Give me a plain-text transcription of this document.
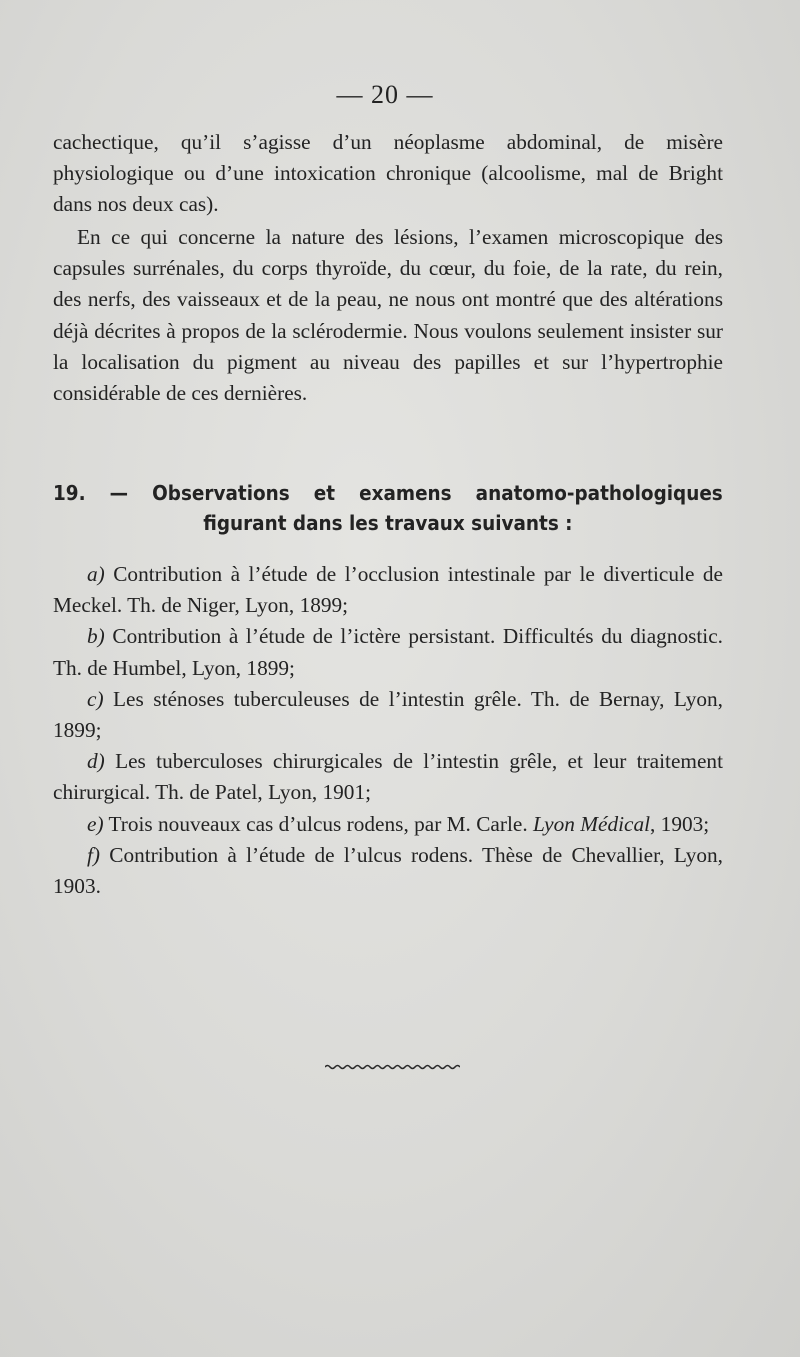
— 20 —

cachectique, qu’il s’agisse d’un néoplasme abdominal, de misère physiologique ou d’une intoxication chronique (alcoolisme, mal de Bright dans nos deux cas).

En ce qui concerne la nature des lésions, l’examen microscopique des capsules surrénales, du corps thyroïde, du cœur, du foie, de la rate, du rein, des nerfs, des vaisseaux et de la peau, ne nous ont montré que des altérations déjà décrites à propos de la sclérodermie. Nous voulons seulement insister sur la localisation du pigment au niveau des papilles et sur l’hypertrophie considérable de ces dernières.

19. — Observations et examens anatomo-pathologiques figurant dans les travaux suivants :

a) Contribution à l’étude de l’occlusion intestinale par le diverticule de Meckel. Th. de Niger, Lyon, 1899;

b) Contribution à l’étude de l’ictère persistant. Difficultés du diagnostic. Th. de Humbel, Lyon, 1899;

c) Les sténoses tuberculeuses de l’intestin grêle. Th. de Bernay, Lyon, 1899;

d) Les tuberculoses chirurgicales de l’intestin grêle, et leur traitement chirurgical. Th. de Patel, Lyon, 1901;

e) Trois nouveaux cas d’ulcus rodens, par M. Carle. Lyon Médical, 1903;

f) Contribution à l’étude de l’ulcus rodens. Thèse de Chevallier, Lyon, 1903.
